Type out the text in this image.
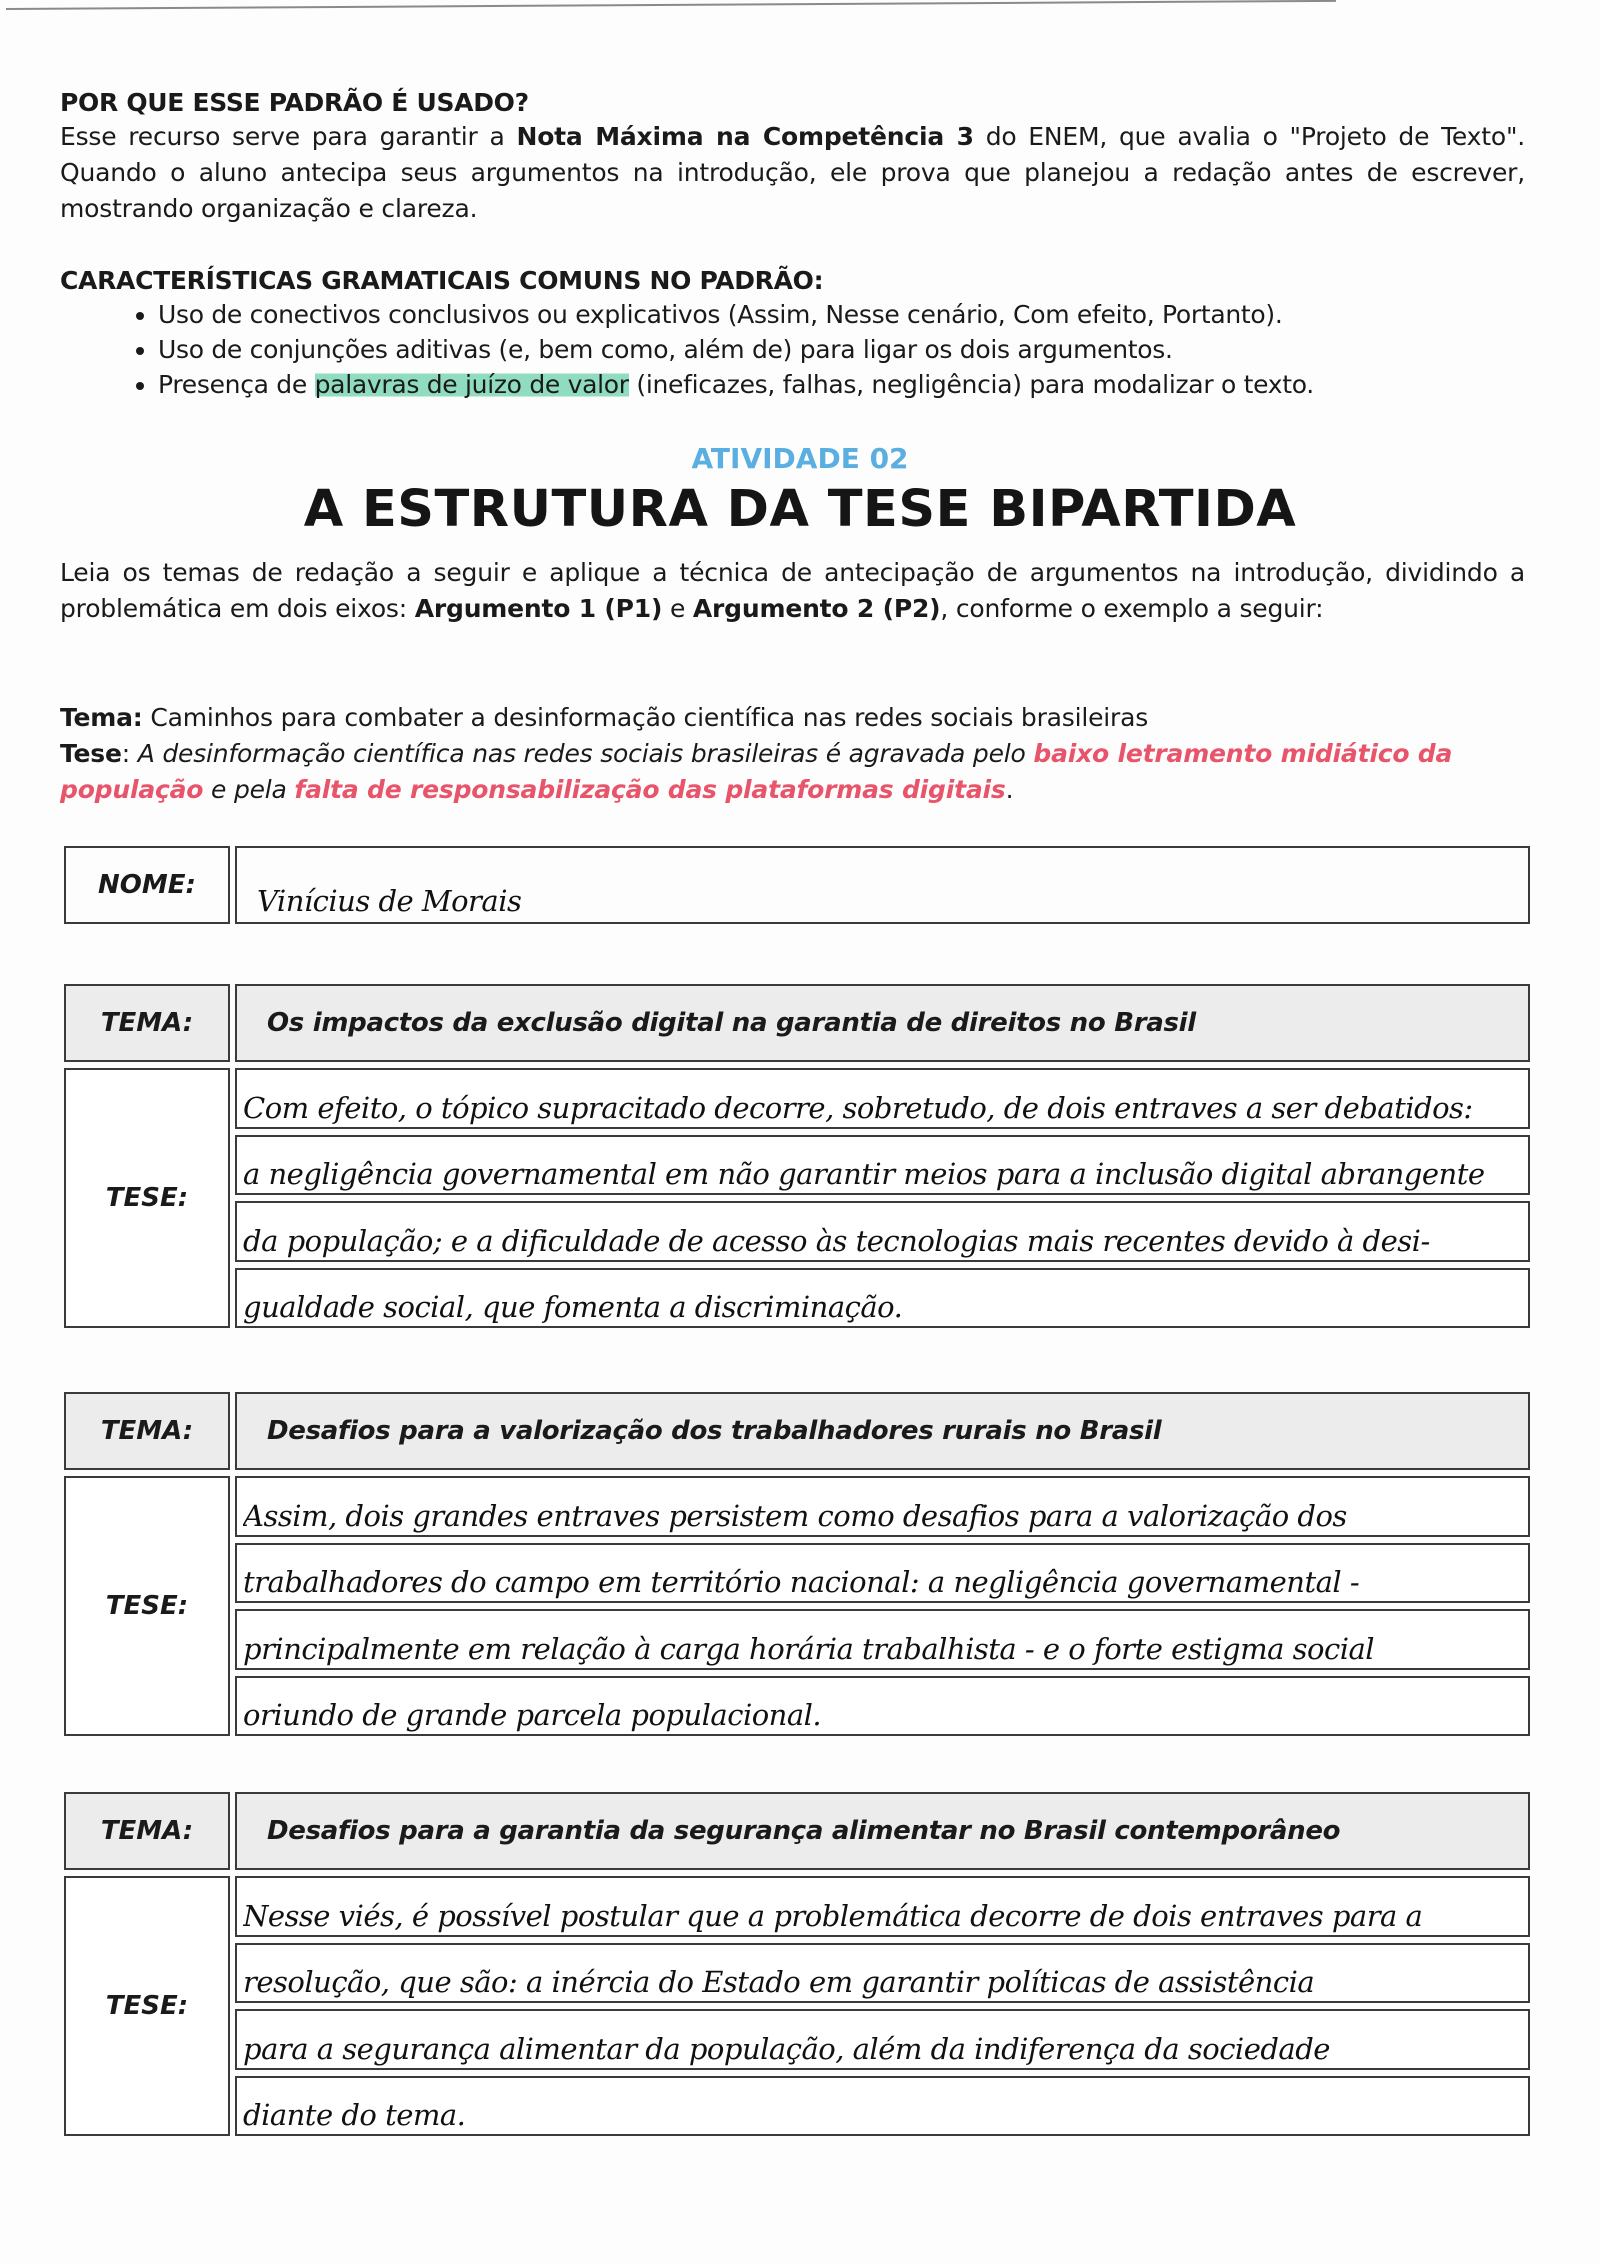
POR QUE ESSE PADRÃO É USADO?

Esse recurso serve para garantir a Nota Máxima na Competência 3 do ENEM, que avalia o "Projeto de Texto". Quando o aluno antecipa seus argumentos na introdução, ele prova que planejou a redação antes de escrever, mostrando organização e clareza.

CARACTERÍSTICAS GRAMATICAIS COMUNS NO PADRÃO:

• Uso de conectivos conclusivos ou explicativos (Assim, Nesse cenário, Com efeito, Portanto).
• Uso de conjunções aditivas (e, bem como, além de) para ligar os dois argumentos.
• Presença de palavras de juízo de valor (ineficazes, falhas, negligência) para modalizar o texto.
ATIVIDADE 02
A ESTRUTURA DA TESE BIPARTIDA

Leia os temas de redação a seguir e aplique a técnica de antecipação de argumentos na introdução, dividindo a problemática em dois eixos: Argumento 1 (P1) e Argumento 2 (P2), conforme o exemplo a seguir:

Tema: Caminhos para combater a desinformação científica nas redes sociais brasileiras

Tese: A desinformação científica nas redes sociais brasileiras é agravada pelo baixo letramento midiático da população e pela falta de responsabilização das plataformas digitais.

NOME:	Vinícius de Morais
TEMA:	Os impactos da exclusão digital na garantia de direitos no Brasil
TESE:
Com efeito, o tópico supracitado decorre, sobretudo, de dois entraves a ser debatidos:
a negligência governamental em não garantir meios para a inclusão digital abrangente
da população; e a dificuldade de acesso às tecnologias mais recentes devido à desi-
gualdade social, que fomenta a discriminação.
TEMA:	Desafios para a valorização dos trabalhadores rurais no Brasil
TESE:
Assim, dois grandes entraves persistem como desafios para a valorização dos
trabalhadores do campo em território nacional: a negligência governamental -
principalmente em relação à carga horária trabalhista - e o forte estigma social
oriundo de grande parcela populacional.
TEMA:	Desafios para a garantia da segurança alimentar no Brasil contemporâneo
TESE:
Nesse viés, é possível postular que a problemática decorre de dois entraves para a
resolução, que são: a inércia do Estado em garantir políticas de assistência
para a segurança alimentar da população, além da indiferença da sociedade
diante do tema.
